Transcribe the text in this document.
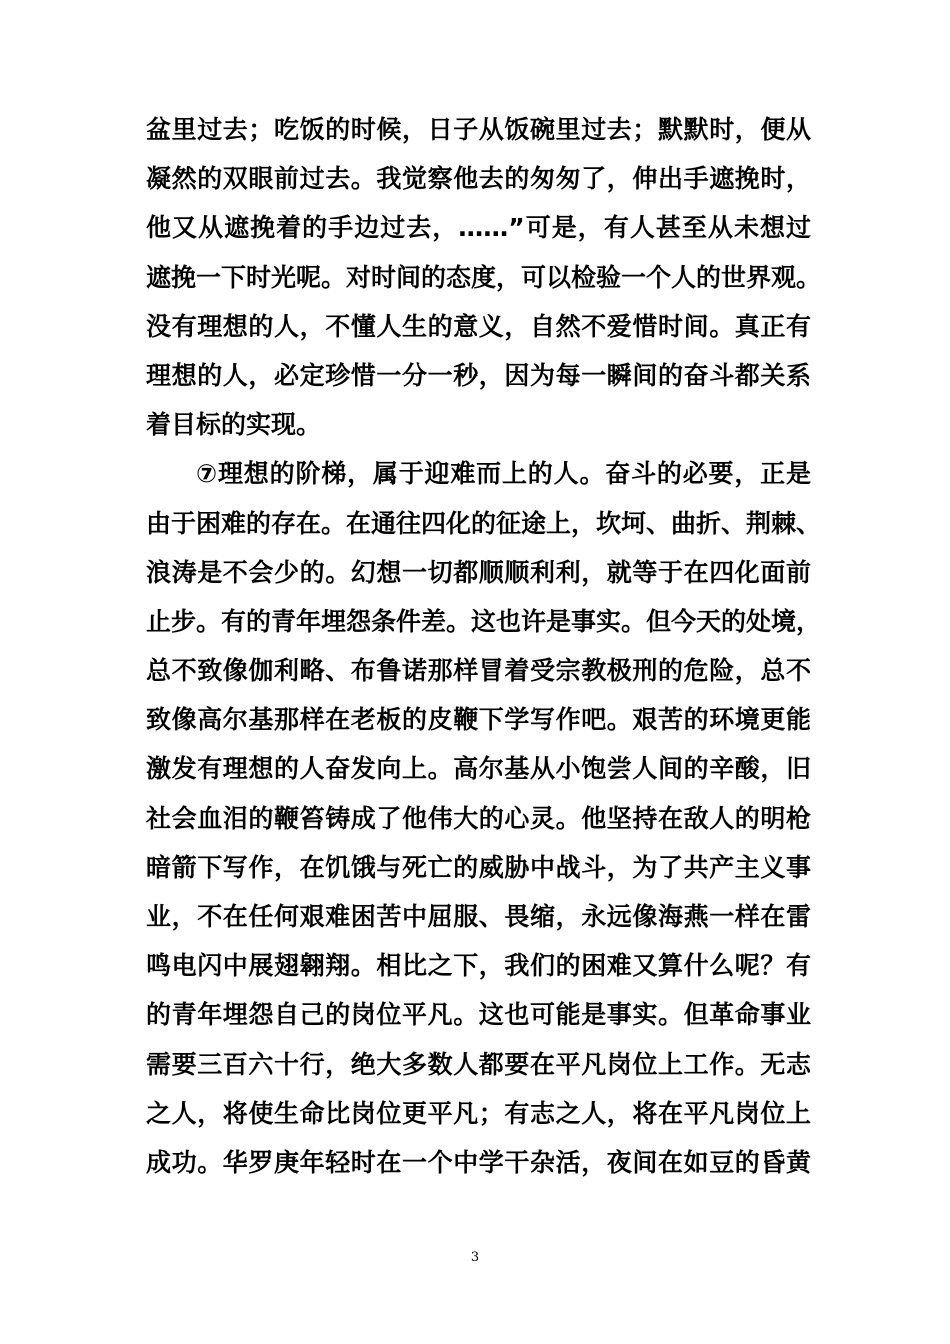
盆里过去；吃饭的时候，日子从饭碗里过去；默默时，便从
凝然的双眼前过去。我觉察他去的匆匆了，伸出手遮挽时，
他又从遮挽着的手边过去，……”可是，有人甚至从未想过
遮挽一下时光呢。对时间的态度，可以检验一个人的世界观。
没有理想的人，不懂人生的意义，自然不爱惜时间。真正有
理想的人，必定珍惜一分一秒，因为每一瞬间的奋斗都关系
着目标的实现。
⑦理想的阶梯，属于迎难而上的人。奋斗的必要，正是
由于困难的存在。在通往四化的征途上，坎坷、曲折、荆棘、
浪涛是不会少的。幻想一切都顺顺利利，就等于在四化面前
止步。有的青年埋怨条件差。这也许是事实。但今天的处境，
总不致像伽利略、布鲁诺那样冒着受宗教极刑的危险，总不
致像高尔基那样在老板的皮鞭下学写作吧。艰苦的环境更能
激发有理想的人奋发向上。高尔基从小饱尝人间的辛酸，旧
社会血泪的鞭笞铸成了他伟大的心灵。他坚持在敌人的明枪
暗箭下写作，在饥饿与死亡的威胁中战斗，为了共产主义事
业，不在任何艰难困苦中屈服、畏缩，永远像海燕一样在雷
鸣电闪中展翅翱翔。相比之下，我们的困难又算什么呢？有
的青年埋怨自己的岗位平凡。这也可能是事实。但革命事业
需要三百六十行，绝大多数人都要在平凡岗位上工作。无志
之人，将使生命比岗位更平凡；有志之人，将在平凡岗位上
成功。华罗庚年轻时在一个中学干杂活，夜间在如豆的昏黄
3
